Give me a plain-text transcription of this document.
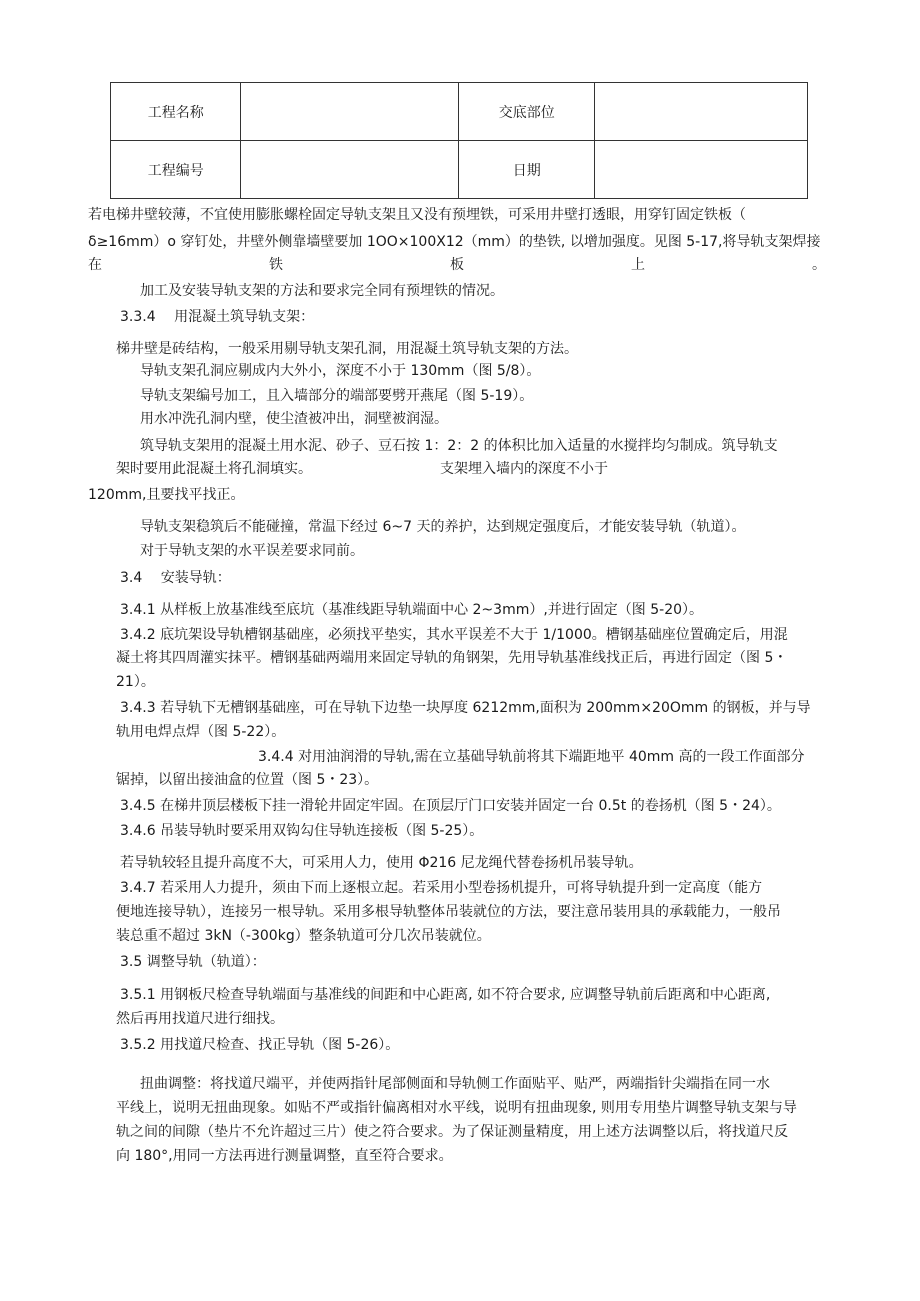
工程名称		交底部位	
工程编号		日期	
若电梯井壁较薄，不宜使用膨胀螺栓固定导轨支架且又没有预埋铁，可采用井壁打透眼，用穿钉固定铁板（
δ≥16mm）o 穿钉处，井壁外侧靠墙壁要加 1OO×100X12（mm）的垫铁, 以增加强度。见图 5-17,将导轨支架焊接
在	铁	板	上	。
加工及安装导轨支架的方法和要求完全同有预埋铁的情况。
3.3.4　 用混凝土筑导轨支架：
梯井壁是砖结构，一般采用剔导轨支架孔洞，用混凝土筑导轨支架的方法。
导轨支架孔洞应剔成内大外小，深度不小于 130mm（图 5/8）。
导轨支架编号加工，且入墙部分的端部要劈开燕尾（图 5-19）。
用水冲洗孔洞内壁，使尘渣被冲出，洞壁被润湿。
筑导轨支架用的混凝土用水泥、砂子、豆石按 1：2：2 的体积比加入适量的水搅拌均匀制成。筑导轨支
架时要用此混凝土将孔洞填实。	支架埋入墙内的深度不小于
120mm,且要找平找正。
导轨支架稳筑后不能碰撞，常温下经过 6~7 天的养护，达到规定强度后，才能安装导轨（轨道）。
对于导轨支架的水平误差要求同前。
3.4　 安装导轨：
3.4.1 从样板上放基准线至底坑（基准线距导轨端面中心 2~3mm）,并进行固定（图 5-20）。
3.4.2 底坑架设导轨槽钢基础座，必须找平垫实，其水平误差不大于 1/1000。槽钢基础座位置确定后，用混
凝土将其四周灌实抹平。槽钢基础两端用来固定导轨的角钢架，先用导轨基准线找正后，再进行固定（图 5・
21）。
3.4.3 若导轨下无槽钢基础座，可在导轨下边垫一块厚度 6212mm,面积为 200mm×20Omm 的钢板，并与导
轨用电焊点焊（图 5-22）。
3.4.4 对用油润滑的导轨,需在立基础导轨前将其下端距地平 40mm 高的一段工作面部分
锯掉，以留出接油盒的位置（图 5・23）。
3.4.5 在梯井顶层楼板下挂一滑轮井固定牢固。在顶层厅门口安装并固定一台 0.5t 的卷扬机（图 5・24）。
3.4.6 吊装导轨时要采用双钩勾住导轨连接板（图 5-25）。
若导轨较轻且提升高度不大，可采用人力，使用 Φ216 尼龙绳代替卷扬机吊装导轨。
3.4.7 若采用人力提升，须由下而上逐根立起。若采用小型卷扬机提升，可将导轨提升到一定高度（能方
便地连接导轨），连接另一根导轨。采用多根导轨整体吊装就位的方法，要注意吊装用具的承载能力，一般吊
装总重不超过 3kN（-300kg）整条轨道可分几次吊装就位。
3.5 调整导轨（轨道）：
3.5.1 用钢板尺检查导轨端面与基准线的间距和中心距离, 如不符合要求, 应调整导轨前后距离和中心距离,
然后再用找道尺进行细找。
3.5.2 用找道尺检查、找正导轨（图 5-26）。
扭曲调整：将找道尺端平，并使两指针尾部侧面和导轨侧工作面贴平、贴严，两端指针尖端指在同一水
平线上，说明无扭曲现象。如贴不严或指针偏离相对水平线，说明有扭曲现象, 则用专用垫片调整导轨支架与导
轨之间的间隙（垫片不允许超过三片）使之符合要求。为了保证测量精度，用上述方法调整以后，将找道尺反
向 180°,用同一方法再进行测量调整，直至符合要求。
